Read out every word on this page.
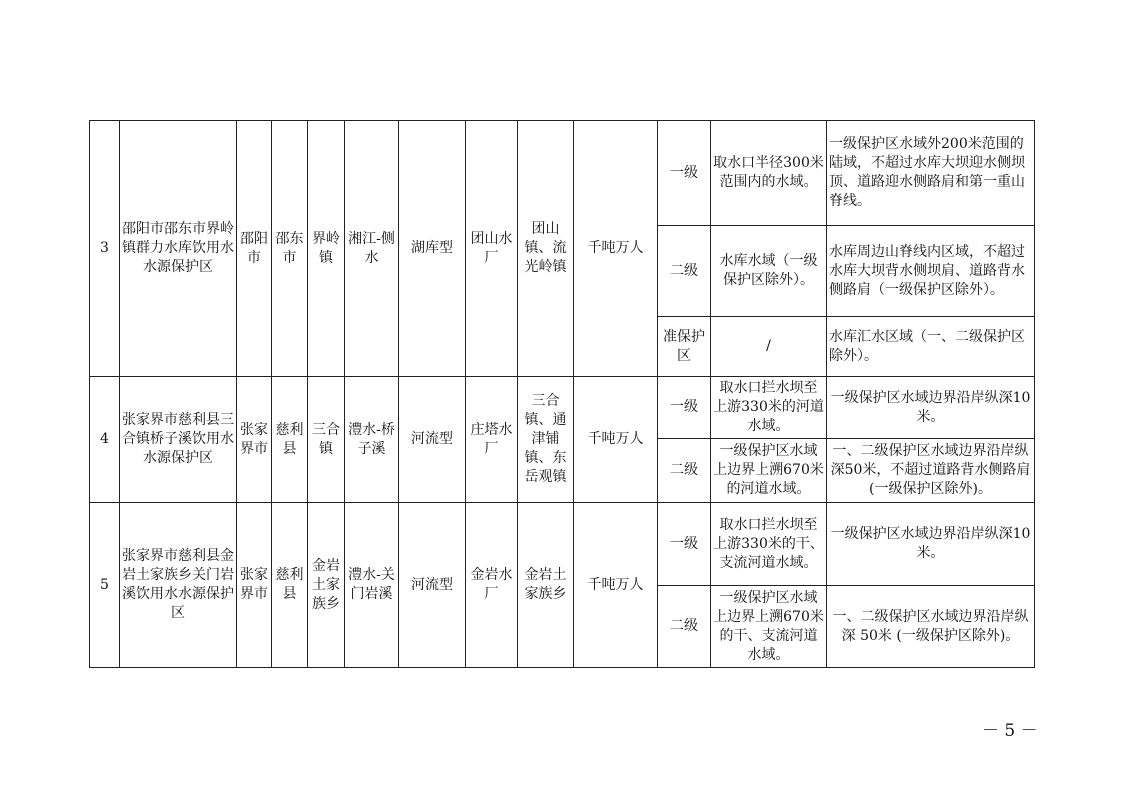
3	邵阳市邵东市界岭镇群力水库饮用水水源保护区	邵阳市	邵东市	界岭镇	湘江-侧水	湖库型	团山水厂	团山镇、流光岭镇	千吨万人	一级	取水口半径300米范围内的水域。	一级保护区水域外200米范围的陆域，不超过水库大坝迎水侧坝顶、道路迎水侧路肩和第一重山脊线。
										二级	水库水域（一级保护区除外）。	水库周边山脊线内区域，不超过水库大坝背水侧坝肩、道路背水侧路肩（一级保护区除外）。
										准保护区	/	水库汇水区域（一、二级保护区除外）。
4	张家界市慈利县三合镇桥子溪饮用水水源保护区	张家界市	慈利县	三合镇	澧水-桥子溪	河流型	庄塔水厂	三合镇、通津铺镇、东岳观镇	千吨万人	一级	取水口拦水坝至上游330米的河道水域。	一级保护区水域边界沿岸纵深10米。
										二级	一级保护区水域上边界上溯670米的河道水域。	一、二级保护区水域边界沿岸纵深50米，不超过道路背水侧路肩(一级保护区除外)。
5	张家界市慈利县金岩土家族乡关门岩溪饮用水水源保护区	张家界市	慈利县	金岩土家族乡	澧水-关门岩溪	河流型	金岩水厂	金岩土家族乡	千吨万人	一级	取水口拦水坝至上游330米的干、支流河道水域。	一级保护区水域边界沿岸纵深10米。
										二级	一级保护区水域上边界上溯670米的干、支流河道水域。	一、二级保护区水域边界沿岸纵深 50米 (一级保护区除外)。
－ 5 －
